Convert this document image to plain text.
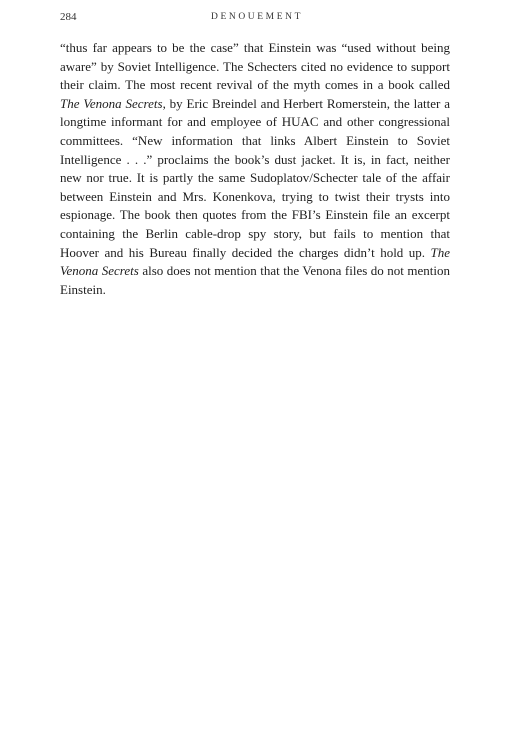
284	DENOUEMENT

“thus far appears to be the case” that Einstein was “used without being aware” by Soviet Intelligence. The Schecters cited no evidence to support their claim. The most recent revival of the myth comes in a book called The Venona Secrets, by Eric Breindel and Herbert Romerstein, the latter a longtime informant for and employee of HUAC and other congressional committees. “New information that links Albert Einstein to Soviet Intelligence . . .” proclaims the book’s dust jacket. It is, in fact, neither new nor true. It is partly the same Sudoplatov/Schecter tale of the affair between Einstein and Mrs. Konenkova, trying to twist their trysts into espionage. The book then quotes from the FBI’s Einstein file an excerpt containing the Berlin cable-drop spy story, but fails to mention that Hoover and his Bureau finally decided the charges didn’t hold up. The Venona Secrets also does not mention that the Venona files do not mention Einstein.
